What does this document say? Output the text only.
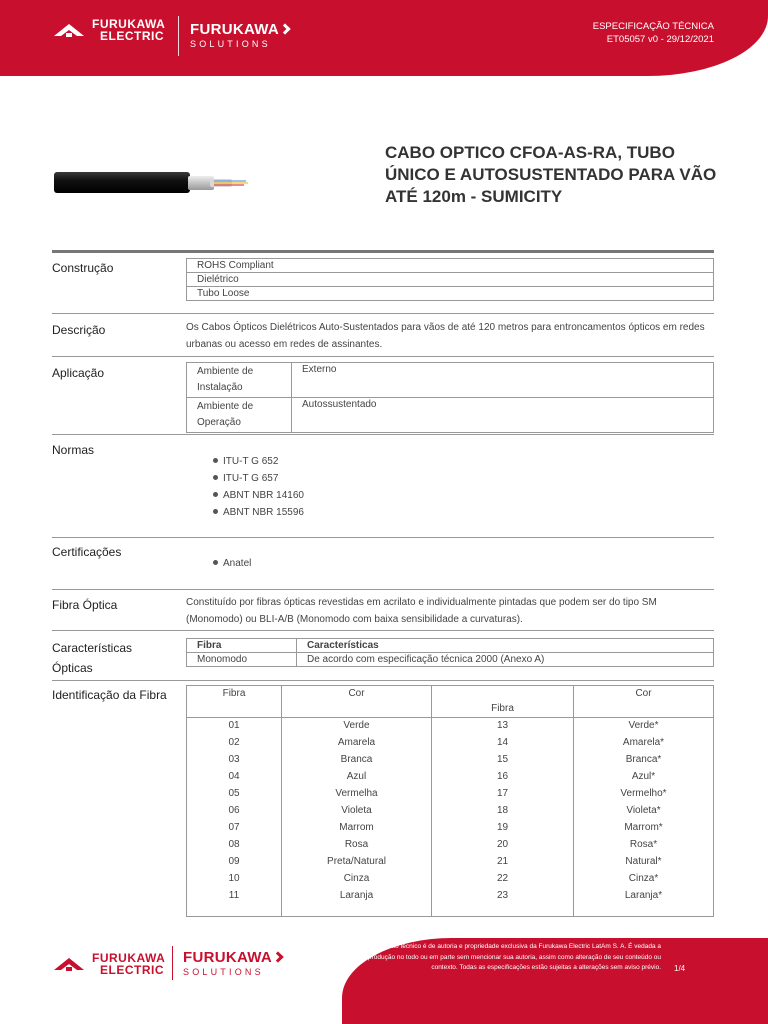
FURUKAWA
ELECTRIC FURUKAWA
SOLUTIONS
ESPECIFICAÇÃO TÉCNICA
ET05057 v0 - 29/12/2021
CABO OPTICO CFOA-AS-RA, TUBO ÚNICO E AUTOSUSTENTADO PARA VÃO ATÉ 120m - SUMICITY
Construção	ROHS Compliant
Dielétrico
Tubo Loose
Descrição	Os Cabos Ópticos Dielétricos Auto-Sustentados para vãos de até 120 metros para entroncamentos ópticos em redes urbanas ou acesso em redes de assinantes.
Aplicação	Ambiente de Instalação	Externo
Ambiente de Operação	Autossustentado
Normas
ITU-T G 652
ITU-T G 657
ABNT NBR 14160
ABNT NBR 15596
Certificações
Anatel
Fibra Óptica	Constituído por fibras ópticas revestidas em acrilato e individualmente pintadas que podem ser do tipo SM (Monomodo) ou BLI-A/B (Monomodo com baixa sensibilidade a curvaturas).
Características
Ópticas
Fibra	Características
Monomodo	De acordo com especificação técnica 2000 (Anexo A)
Identificação da Fibra	Fibra	Cor	Fibra	Cor
01	Verde	13	Verde*
02	Amarela	14	Amarela*
03	Branca	15	Branca*
04	Azul	16	Azul*
05	Vermelha	17	Vermelho*
06	Violeta	18	Violeta*
07	Marrom	19	Marrom*
08	Rosa	20	Rosa*
09	Preta/Natural	21	Natural*
10	Cinza	22	Cinza*
11	Laranja	23	Laranja*

FURUKAWA
ELECTRIC
FURUKAWA
SOLUTIONS
Este documento técnico é de autoria e propriedade exclusiva da Furukawa Electric LatAm S. A. É vedada a sua reprodução no todo ou em parte sem mencionar sua autoria, assim como alteração de seu conteúdo ou contexto. Todas as especificações estão sujeitas a alterações sem aviso prévio. 1/4
